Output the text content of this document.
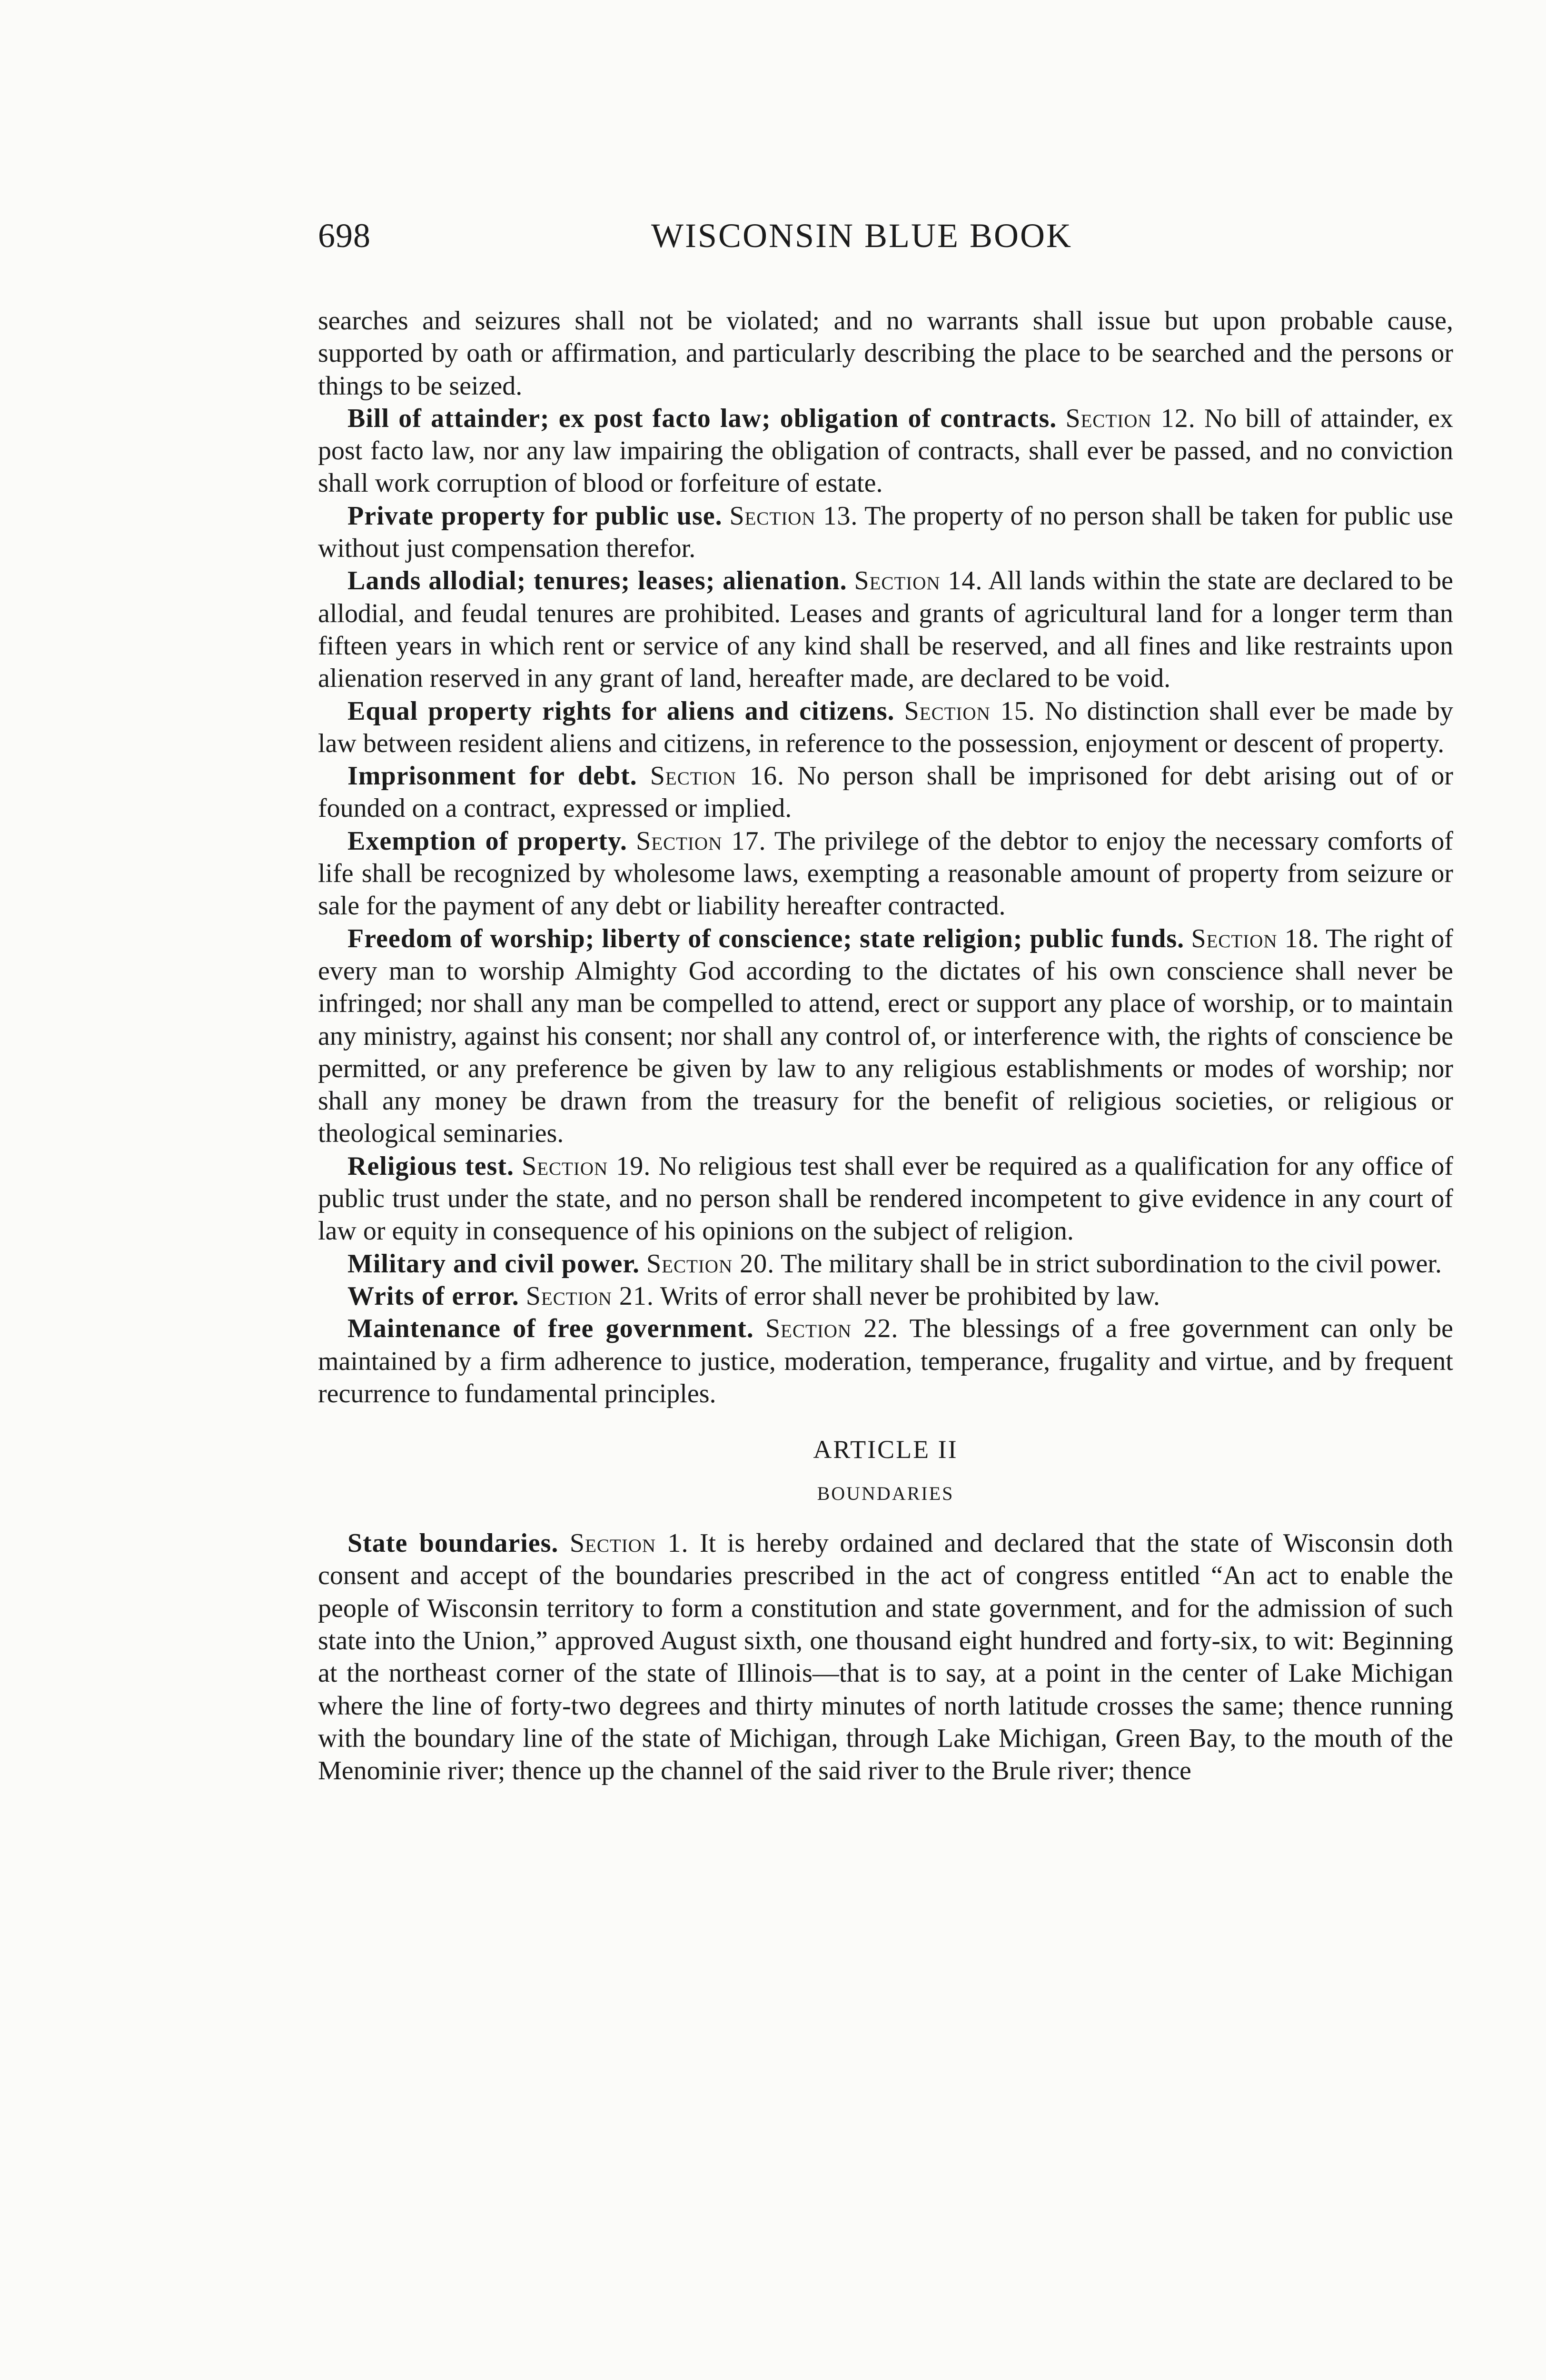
698	WISCONSIN BLUE BOOK

searches and seizures shall not be violated; and no warrants shall issue but upon probable cause, supported by oath or affirmation, and particularly describing the place to be searched and the persons or things to be seized.

Bill of attainder; ex post facto law; obligation of contracts. Section 12. No bill of attainder, ex post facto law, nor any law impairing the obligation of contracts, shall ever be passed, and no conviction shall work corruption of blood or forfeiture of estate.

Private property for public use. Section 13. The property of no person shall be taken for public use without just compensation therefor.

Lands allodial; tenures; leases; alienation. Section 14. All lands within the state are declared to be allodial, and feudal tenures are prohibited. Leases and grants of agricultural land for a longer term than fifteen years in which rent or service of any kind shall be reserved, and all fines and like restraints upon alienation reserved in any grant of land, hereafter made, are declared to be void.

Equal property rights for aliens and citizens. Section 15. No distinction shall ever be made by law between resident aliens and citizens, in reference to the possession, enjoyment or descent of property.

Imprisonment for debt. Section 16. No person shall be imprisoned for debt arising out of or founded on a contract, expressed or implied.

Exemption of property. Section 17. The privilege of the debtor to enjoy the necessary comforts of life shall be recognized by wholesome laws, exempting a reasonable amount of property from seizure or sale for the payment of any debt or liability hereafter contracted.

Freedom of worship; liberty of conscience; state religion; public funds. Section 18. The right of every man to worship Almighty God according to the dictates of his own conscience shall never be infringed; nor shall any man be compelled to attend, erect or support any place of worship, or to maintain any ministry, against his consent; nor shall any control of, or interference with, the rights of conscience be permitted, or any preference be given by law to any religious establishments or modes of worship; nor shall any money be drawn from the treasury for the benefit of religious societies, or religious or theological seminaries.

Religious test. Section 19. No religious test shall ever be required as a qualification for any office of public trust under the state, and no person shall be rendered incompetent to give evidence in any court of law or equity in consequence of his opinions on the subject of religion.

Military and civil power. Section 20. The military shall be in strict subordination to the civil power.

Writs of error. Section 21. Writs of error shall never be prohibited by law.

Maintenance of free government. Section 22. The blessings of a free government can only be maintained by a firm adherence to justice, moderation, temperance, frugality and virtue, and by frequent recurrence to fundamental principles.

ARTICLE II

BOUNDARIES

State boundaries. Section 1. It is hereby ordained and declared that the state of Wisconsin doth consent and accept of the boundaries prescribed in the act of congress entitled “An act to enable the people of Wisconsin territory to form a constitution and state government, and for the admission of such state into the Union,” approved August sixth, one thousand eight hundred and forty-six, to wit: Beginning at the northeast corner of the state of Illinois—that is to say, at a point in the center of Lake Michigan where the line of forty-two degrees and thirty minutes of north latitude crosses the same; thence running with the boundary line of the state of Michigan, through Lake Michigan, Green Bay, to the mouth of the Menominie river; thence up the channel of the said river to the Brule river; thence
